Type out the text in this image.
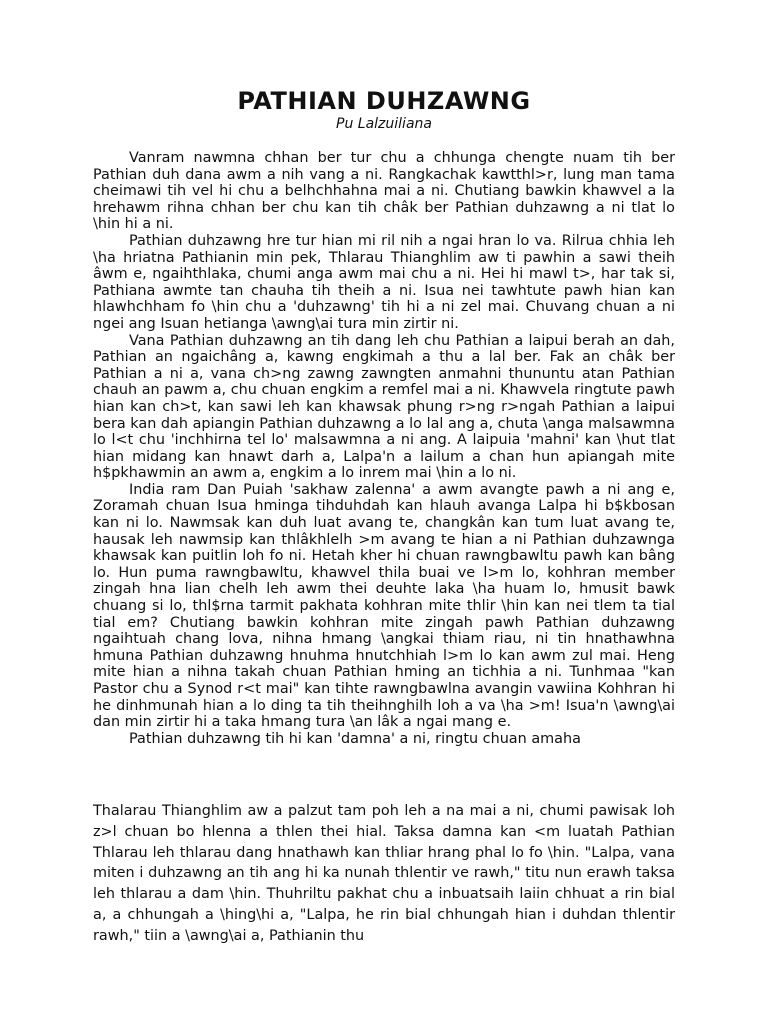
PATHIAN DUHZAWNG
Pu Lalzuiliana

Vanram nawmna chhan ber tur chu a chhunga chengte nuam tih ber Pathian duh dana awm a nih vang a ni. Rangkachak kawtthl>r, lung man tama cheimawi tih vel hi chu a belhchhahna mai a ni. Chutiang bawkin khawvel a la hrehawm rihna chhan ber chu kan tih châk ber Pathian duhzawng a ni tlat lo \hin hi a ni.

Pathian duhzawng hre tur hian mi ril nih a ngai hran lo va. Rilrua chhia leh \ha hriatna Pathianin min pek, Thlarau Thianghlim aw ti pawhin a sawi theih âwm e, ngaihthlaka, chumi anga awm mai chu a ni. Hei hi mawl t>, har tak si, Pathiana awmte tan chauha tih theih a ni. Isua nei tawhtute pawh hian kan hlawhchham fo \hin chu a 'duhzawng' tih hi a ni zel mai. Chuvang chuan a ni ngei ang Isuan hetianga \awng\ai tura min zirtir ni.

Vana Pathian duhzawng an tih dang leh chu Pathian a laipui berah an dah, Pathian an ngaichâng a, kawng engkimah a thu a lal ber. Fak an châk ber Pathian a ni a, vana ch>ng zawng zawngten anmahni thununtu atan Pathian chauh an pawm a, chu chuan engkim a remfel mai a ni. Khawvela ringtute pawh hian kan ch>t, kan sawi leh kan khawsak phung r>ng r>ngah Pathian a laipui bera kan dah apiangin Pathian duhzawng a lo lal ang a, chuta \anga malsawmna lo l<t chu 'inchhirna tel lo' malsawmna a ni ang. A laipuia 'mahni' kan \hut tlat hian midang kan hnawt darh a, Lalpa'n a lailum a chan hun apiangah mite h$pkhawmin an awm a, engkim a lo inrem mai \hin a lo ni.

India ram Dan Puiah 'sakhaw zalenna' a awm avangte pawh a ni ang e, Zoramah chuan Isua hminga tihduhdah kan hlauh avanga Lalpa hi b$kbosan kan ni lo. Nawmsak kan duh luat avang te, changkân kan tum luat avang te, hausak leh nawmsip kan thlâkhlelh >m avang te hian a ni Pathian duhzawnga khawsak kan puitlin loh fo ni. Hetah kher hi chuan rawngbawltu pawh kan bâng lo. Hun puma rawngbawltu, khawvel thila buai ve l>m lo, kohhran member zingah hna lian chelh leh awm thei deuhte laka \ha huam lo, hmusit bawk chuang si lo, thl$rna tarmit pakhata kohhran mite thlir \hin kan nei tlem ta tial tial em? Chutiang bawkin kohhran mite zingah pawh Pathian duhzawng ngaihtuah chang lova, nihna hmang \angkai thiam riau, ni tin hnathawhna hmuna Pathian duhzawng hnuhma hnutchhiah l>m lo kan awm zul mai. Heng mite hian a nihna takah chuan Pathian hming an tichhia a ni. Tunhmaa "kan Pastor chu a Synod r<t mai" kan tihte rawngbawlna avangin vawiina Kohhran hi he dinhmunah hian a lo ding ta tih theihnghilh loh a va \ha >m! Isua'n \awng\ai dan min zirtir hi a taka hmang tura \an lâk a ngai mang e.

Pathian duhzawng tih hi kan 'damna' a ni, ringtu chuan amaha

Thalarau Thianghlim aw a palzut tam poh leh a na mai a ni, chumi pawisak loh z>l chuan bo hlenna a thlen thei hial. Taksa damna kan <m luatah Pathian Thlarau leh thlarau dang hnathawh kan thliar hrang phal lo fo \hin. "Lalpa, vana miten i duhzawng an tih ang hi ka nunah thlentir ve rawh," titu nun erawh taksa leh thlarau a dam \hin. Thuhriltu pakhat chu a inbuatsaih laiin chhuat a rin bial a, a chhungah a \hing\hi a, "Lalpa, he rin bial chhungah hian i duhdan thlentir rawh," tiin a \awng\ai a, Pathianin thu
